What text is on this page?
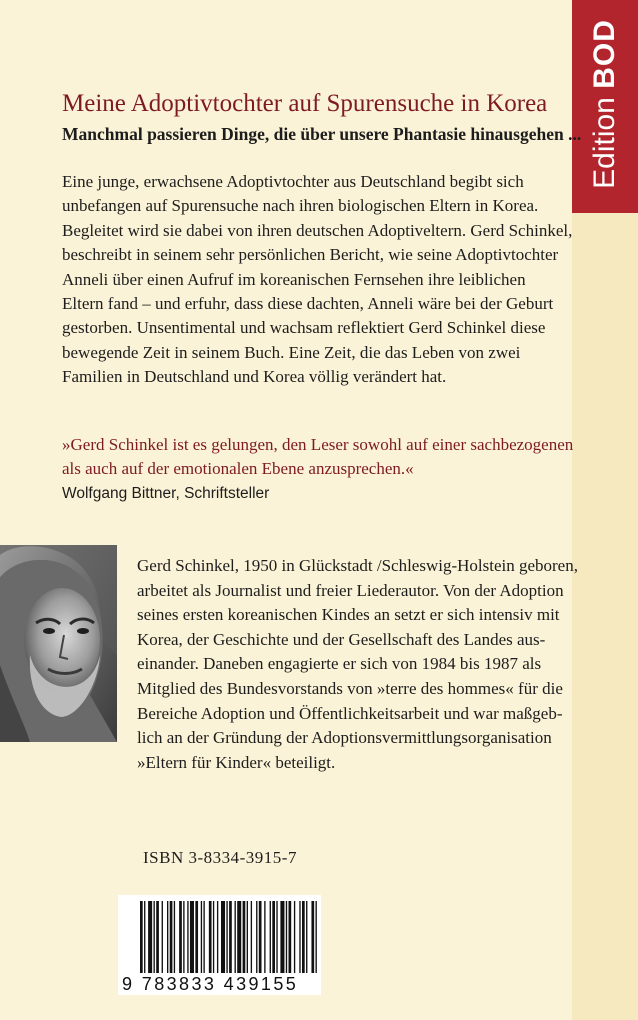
Edition BOD
Meine Adoptivtochter auf Spurensuche in Korea
Manchmal passieren Dinge, die über unsere Phantasie hinausgehen ...
Eine junge, erwachsene Adoptivtochter aus Deutschland begibt sich
unbefangen auf Spurensuche nach ihren biologischen Eltern in Korea.
Begleitet wird sie dabei von ihren deutschen Adoptiveltern. Gerd Schinkel,
beschreibt in seinem sehr persönlichen Bericht, wie seine Adoptivtochter
Anneli über einen Aufruf im koreanischen Fernsehen ihre leiblichen
Eltern fand – und erfuhr, dass diese dachten, Anneli wäre bei der Geburt
gestorben. Unsentimental und wachsam reflektiert Gerd Schinkel diese
bewegende Zeit in seinem Buch. Eine Zeit, die das Leben von zwei
Familien in Deutschland und Korea völlig verändert hat.
»Gerd Schinkel ist es gelungen, den Leser sowohl auf einer sachbezogenen
als auch auf der emotionalen Ebene anzusprechen.«
Wolfgang Bittner, Schriftsteller
Gerd Schinkel, 1950 in Glückstadt /Schleswig-Holstein geboren,
arbeitet als Journalist und freier Liederautor. Von der Adoption
seines ersten koreanischen Kindes an setzt er sich intensiv mit
Korea, der Geschichte und der Gesellschaft des Landes aus-
einander. Daneben engagierte er sich von 1984 bis 1987 als
Mitglied des Bundesvorstands von »terre des hommes« für die
Bereiche Adoption und Öffentlichkeitsarbeit und war maßgeb-
lich an der Gründung der Adoptionsvermittlungsorganisation
»Eltern für Kinder« beteiligt.
ISBN 3-8334-3915-7
9 783833 439155
